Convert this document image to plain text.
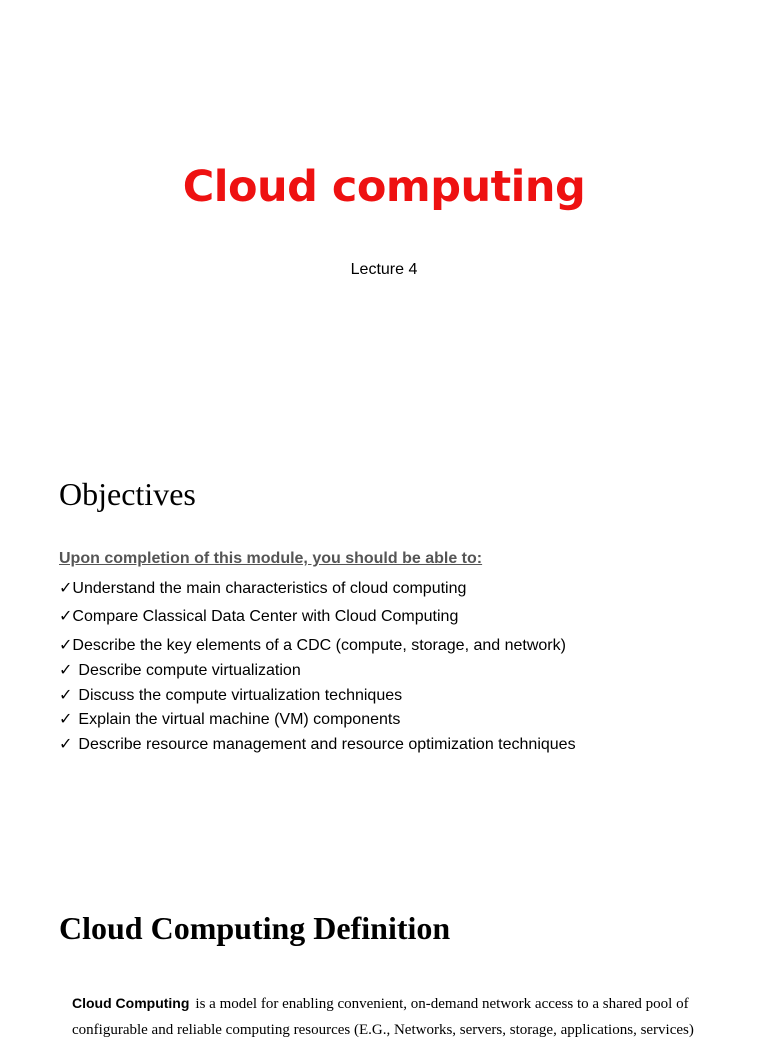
Cloud computing

Lecture 4

Objectives

Upon completion of this module, you should be able to:

✓Understand the main characteristics of cloud computing
✓Compare Classical Data Center with Cloud Computing
✓Describe the key elements of a CDC (compute, storage, and network)
✓ Describe compute virtualization
✓ Discuss the compute virtualization techniques
✓ Explain the virtual machine (VM) components
✓ Describe resource management and resource optimization techniques
Cloud Computing Definition

Cloud Computing is a model for enabling convenient, on-demand network access to a shared pool of configurable and reliable computing resources (E.G., Networks, servers, storage, applications, services)
